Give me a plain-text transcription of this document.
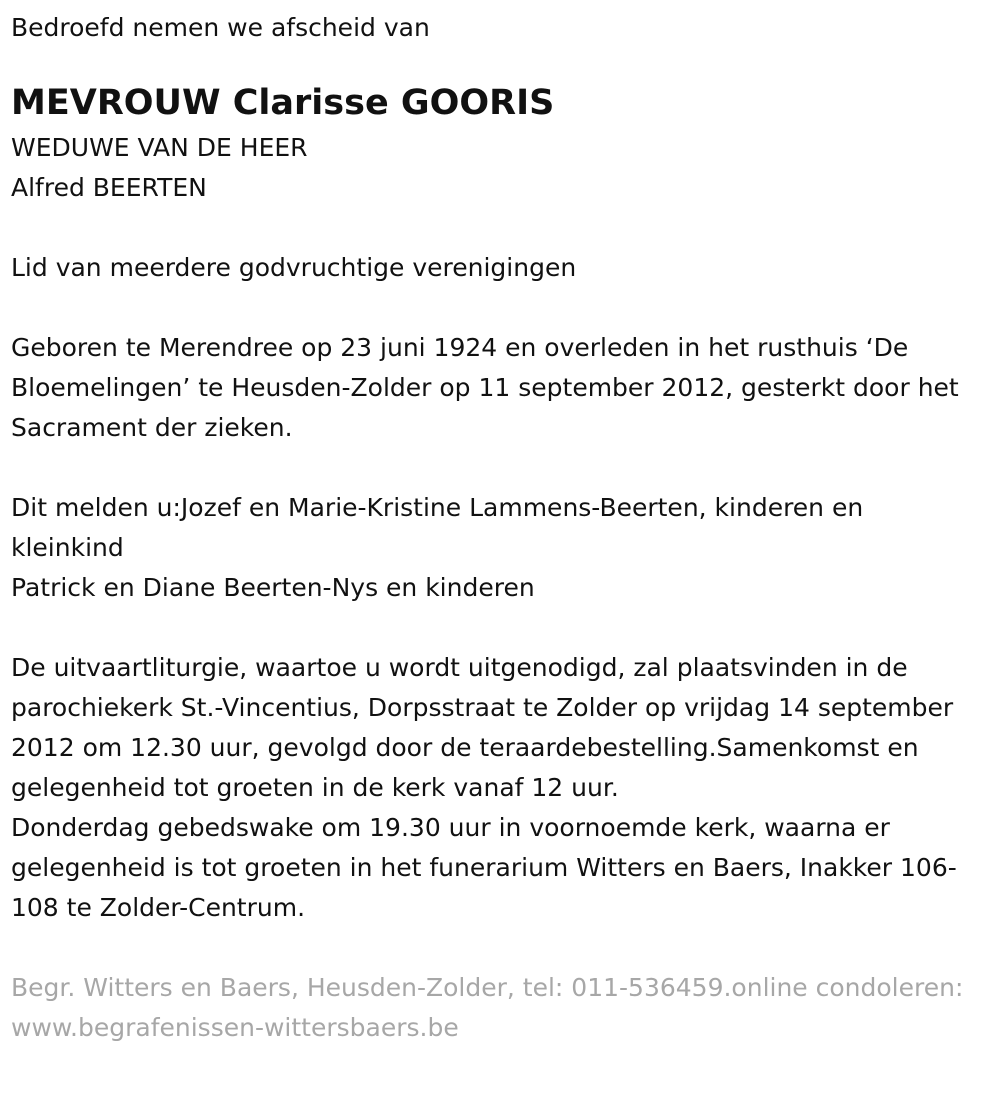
Bedroefd nemen we afscheid van
MEVROUW Clarisse GOORIS
WEDUWE VAN DE HEER
Alfred BEERTEN

Lid van meerdere godvruchtige verenigingen

Geboren te Merendree op 23 juni 1924 en overleden in het rusthuis ‘De Bloemelingen’ te Heusden-Zolder op 11 september 2012, gesterkt door het Sacrament der zieken.

Dit melden u:Jozef en Marie-Kristine Lammens-Beerten, kinderen en kleinkind

Patrick en Diane Beerten-Nys en kinderen

De uitvaartliturgie, waartoe u wordt uitgenodigd, zal plaatsvinden in de parochiekerk St.-Vincentius, Dorpsstraat te Zolder op vrijdag 14 september 2012 om 12.30 uur, gevolgd door de teraardebestelling.Samenkomst en gelegenheid tot groeten in de kerk vanaf 12 uur.

Donderdag gebedswake om 19.30 uur in voornoemde kerk, waarna er gelegenheid is tot groeten in het funerarium Witters en Baers, Inakker 106-108 te Zolder-Centrum.

Begr. Witters en Baers, Heusden-Zolder, tel: 011-536459.online condoleren: www.begrafenissen-wittersbaers.be
